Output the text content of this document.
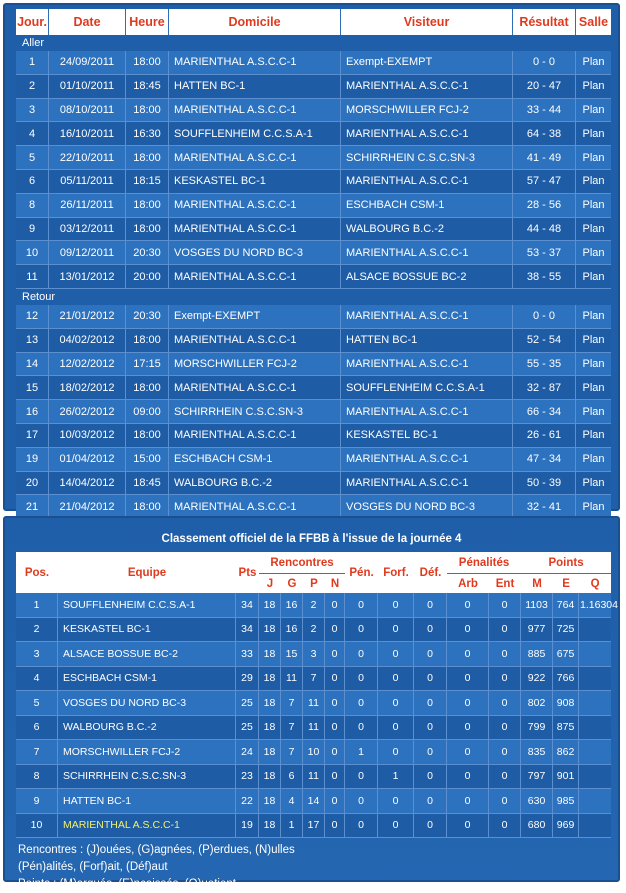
Jour.	Date	Heure	Domicile	Visiteur	Résultat	Salle
Aller						
1	24/09/2011	18:00	MARIENTHAL A.S.C.C-1	Exempt-EXEMPT	0 - 0	Plan
2	01/10/2011	18:45	HATTEN BC-1	MARIENTHAL A.S.C.C-1	20 - 47	Plan
3	08/10/2011	18:00	MARIENTHAL A.S.C.C-1	MORSCHWILLER FCJ-2	33 - 44	Plan
4	16/10/2011	16:30	SOUFFLENHEIM C.C.S.A-1	MARIENTHAL A.S.C.C-1	64 - 38	Plan
5	22/10/2011	18:00	MARIENTHAL A.S.C.C-1	SCHIRRHEIN C.S.C.SN-3	41 - 49	Plan
6	05/11/2011	18:15	KESKASTEL BC-1	MARIENTHAL A.S.C.C-1	57 - 47	Plan
8	26/11/2011	18:00	MARIENTHAL A.S.C.C-1	ESCHBACH CSM-1	28 - 56	Plan
9	03/12/2011	18:00	MARIENTHAL A.S.C.C-1	WALBOURG B.C.-2	44 - 48	Plan
10	09/12/2011	20:30	VOSGES DU NORD BC-3	MARIENTHAL A.S.C.C-1	53 - 37	Plan
11	13/01/2012	20:00	MARIENTHAL A.S.C.C-1	ALSACE BOSSUE BC-2	38 - 55	Plan
Retour						
12	21/01/2012	20:30	Exempt-EXEMPT	MARIENTHAL A.S.C.C-1	0 - 0	Plan
13	04/02/2012	18:00	MARIENTHAL A.S.C.C-1	HATTEN BC-1	52 - 54	Plan
14	12/02/2012	17:15	MORSCHWILLER FCJ-2	MARIENTHAL A.S.C.C-1	55 - 35	Plan
15	18/02/2012	18:00	MARIENTHAL A.S.C.C-1	SOUFFLENHEIM C.C.S.A-1	32 - 87	Plan
16	26/02/2012	09:00	SCHIRRHEIN C.S.C.SN-3	MARIENTHAL A.S.C.C-1	66 - 34	Plan
17	10/03/2012	18:00	MARIENTHAL A.S.C.C-1	KESKASTEL BC-1	26 - 61	Plan
19	01/04/2012	15:00	ESCHBACH CSM-1	MARIENTHAL A.S.C.C-1	47 - 34	Plan
20	14/04/2012	18:45	WALBOURG B.C.-2	MARIENTHAL A.S.C.C-1	50 - 39	Plan
21	21/04/2012	18:00	MARIENTHAL A.S.C.C-1	VOSGES DU NORD BC-3	32 - 41	Plan

Classement officiel de la FFBB à l'issue de la journée 4
Pos.	Equipe	Pts	Rencontres				Pén.	Forf.	Déf.	Pénalités		Points		
			J	G	P	N				Arb	Ent	M	E	Q
1	SOUFFLENHEIM C.C.S.A-1	34	18	16	2	0	0	0	0	0	0	1103	764	1.16304
2	KESKASTEL BC-1	34	18	16	2	0	0	0	0	0	0	977	725	
3	ALSACE BOSSUE BC-2	33	18	15	3	0	0	0	0	0	0	885	675	
4	ESCHBACH CSM-1	29	18	11	7	0	0	0	0	0	0	922	766	
5	VOSGES DU NORD BC-3	25	18	7	11	0	0	0	0	0	0	802	908	
6	WALBOURG B.C.-2	25	18	7	11	0	0	0	0	0	0	799	875	
7	MORSCHWILLER FCJ-2	24	18	7	10	0	1	0	0	0	0	835	862	
8	SCHIRRHEIN C.S.C.SN-3	23	18	6	11	0	0	1	0	0	0	797	901	
9	HATTEN BC-1	22	18	4	14	0	0	0	0	0	0	630	985	
10	MARIENTHAL A.S.C.C-1	19	18	1	17	0	0	0	0	0	0	680	969	
Rencontres : (J)ouées, (G)agnées, (P)erdues, (N)ulles
(Pén)alités, (Forf)ait, (Déf)aut
Points : (M)arqués, (E)ncaissés, (Q)uotient
